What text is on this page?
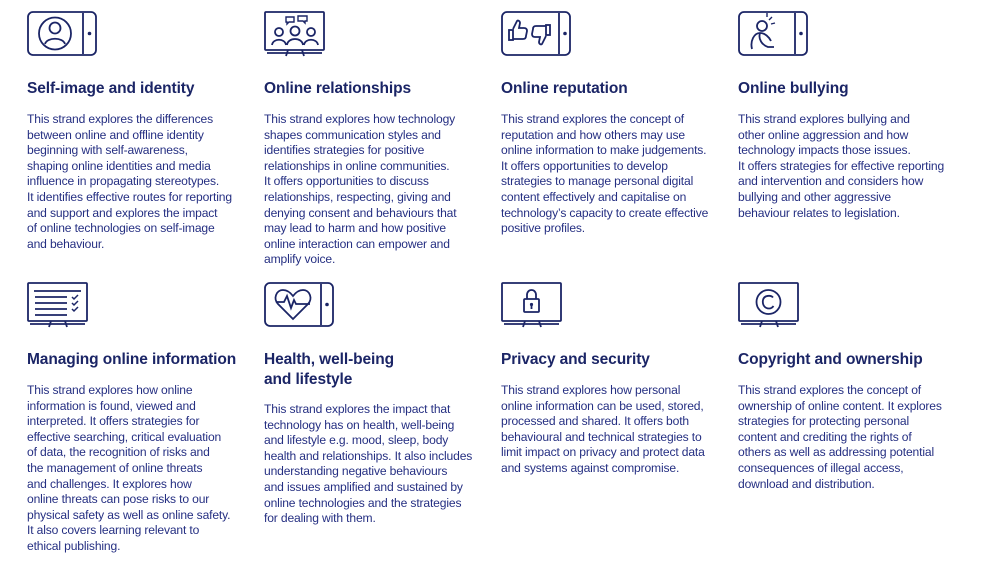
Self-image and identity

This strand explores the differences
between online and offline identity
beginning with self-awareness,
shaping online identities and media
influence in propagating stereotypes.
It identifies effective routes for reporting
and support and explores the impact
of online technologies on self-image
and behaviour.

Online relationships

This strand explores how technology
shapes communication styles and
identifies strategies for positive
relationships in online communities.
It offers opportunities to discuss
relationships, respecting, giving and
denying consent and behaviours that
may lead to harm and how positive
online interaction can empower and
amplify voice.

Online reputation

This strand explores the concept of
reputation and how others may use
online information to make judgements.
It offers opportunities to develop
strategies to manage personal digital
content effectively and capitalise on
technology’s capacity to create effective
positive profiles.

Online bullying

This strand explores bullying and
other online aggression and how
technology impacts those issues.
It offers strategies for effective reporting
and intervention and considers how
bullying and other aggressive
behaviour relates to legislation.

Managing online information

This strand explores how online
information is found, viewed and
interpreted. It offers strategies for
effective searching, critical evaluation
of data, the recognition of risks and
the management of online threats
and challenges. It explores how
online threats can pose risks to our
physical safety as well as online safety.
It also covers learning relevant to
ethical publishing.

Health, well-being
and lifestyle

This strand explores the impact that
technology has on health, well-being
and lifestyle e.g. mood, sleep, body
health and relationships. It also includes
understanding negative behaviours
and issues amplified and sustained by
online technologies and the strategies
for dealing with them.

Privacy and security

This strand explores how personal
online information can be used, stored,
processed and shared. It offers both
behavioural and technical strategies to
limit impact on privacy and protect data
and systems against compromise.

Copyright and ownership

This strand explores the concept of
ownership of online content. It explores
strategies for protecting personal
content and crediting the rights of
others as well as addressing potential
consequences of illegal access,
download and distribution.
